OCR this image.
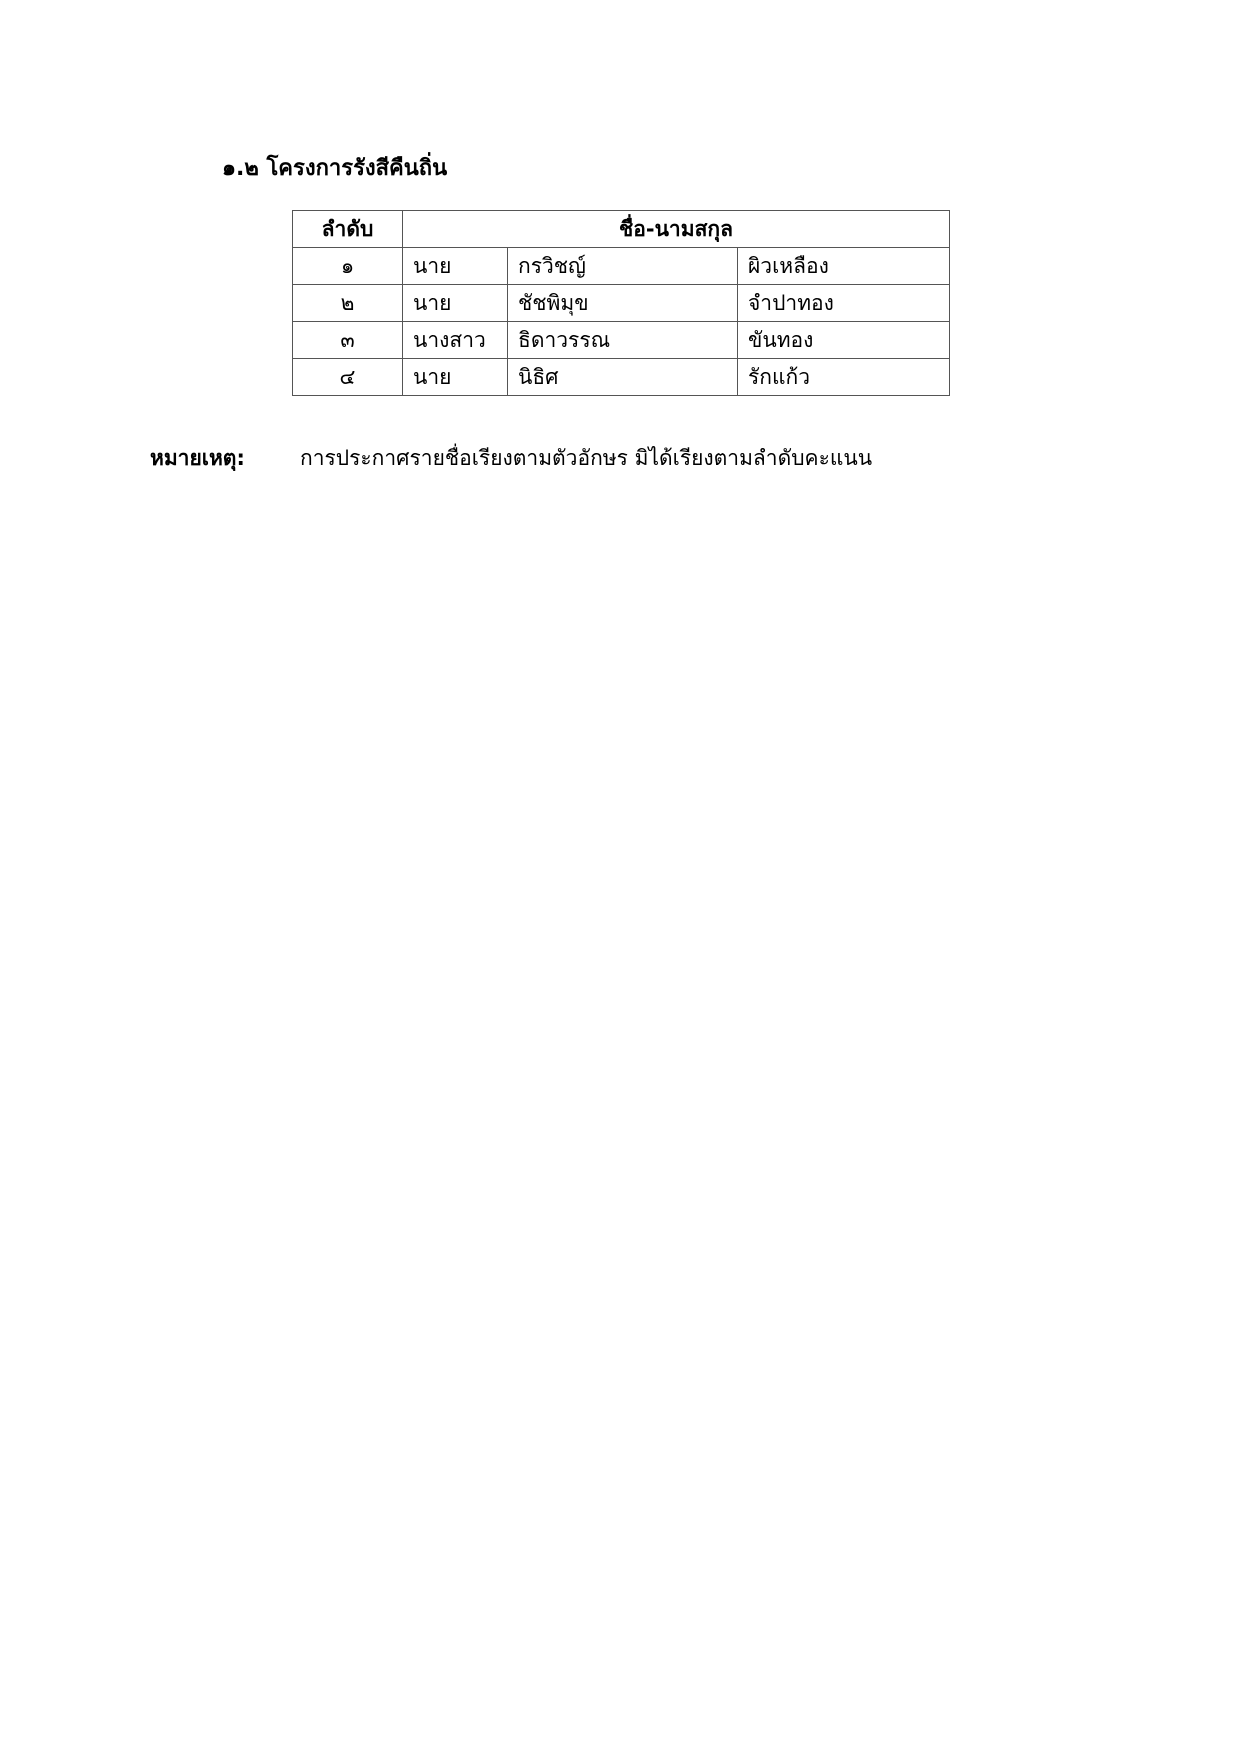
๑.๒ โครงการรังสีคืนถิ่น
ลำดับ	ชื่อ-นามสกุล		
๑	นาย	กรวิชญ์	ผิวเหลือง
๒	นาย	ชัชพิมุข	จำปาทอง
๓	นางสาว	ธิดาวรรณ	ขันทอง
๔	นาย	นิธิศ	รักแก้ว
หมายเหตุ:	การประกาศรายชื่อเรียงตามตัวอักษร มิได้เรียงตามลำดับคะแนน
